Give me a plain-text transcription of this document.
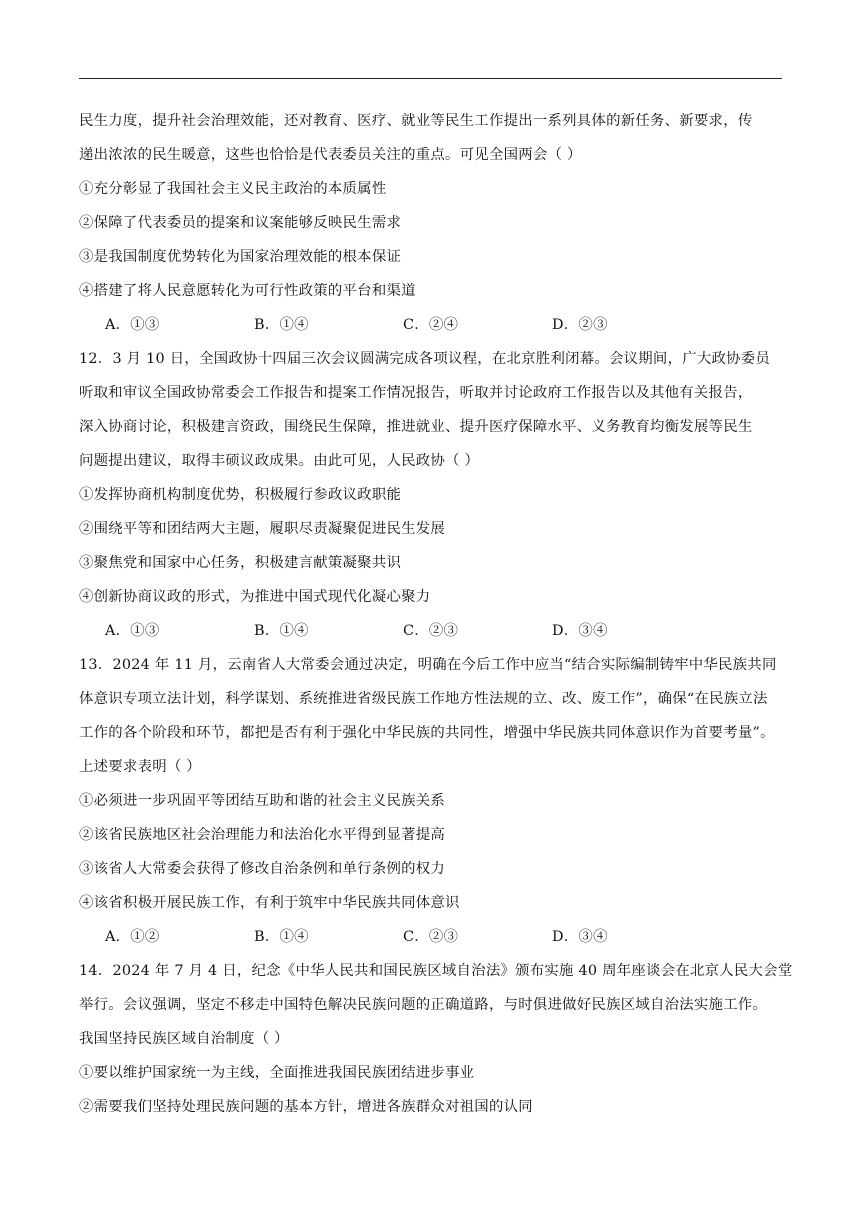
民生力度，提升社会治理效能，还对教育、医疗、就业等民生工作提出一系列具体的新任务、新要求，传
递出浓浓的民生暖意，这些也恰恰是代表委员关注的重点。可见全国两会（ ）
①充分彰显了我国社会主义民主政治的本质属性
②保障了代表委员的提案和议案能够反映民生需求
③是我国制度优势转化为国家治理效能的根本保证
④搭建了将人民意愿转化为可行性政策的平台和渠道
A．①③	B．①④	C．②④	D．②③
12．3 月 10 日，全国政协十四届三次会议圆满完成各项议程，在北京胜利闭幕。会议期间，广大政协委员
听取和审议全国政协常委会工作报告和提案工作情况报告，听取并讨论政府工作报告以及其他有关报告，
深入协商讨论，积极建言资政，围绕民生保障，推进就业、提升医疗保障水平、义务教育均衡发展等民生
问题提出建议，取得丰硕议政成果。由此可见，人民政协（ ）
①发挥协商机构制度优势，积极履行参政议政职能
②围绕平等和团结两大主题，履职尽责凝聚促进民生发展
③聚焦党和国家中心任务，积极建言献策凝聚共识
④创新协商议政的形式，为推进中国式现代化凝心聚力
A．①③	B．①④	C．②③	D．③④
13．2024 年 11 月，云南省人大常委会通过决定，明确在今后工作中应当“结合实际编制铸牢中华民族共同
体意识专项立法计划，科学谋划、系统推进省级民族工作地方性法规的立、改、废工作”，确保“在民族立法
工作的各个阶段和环节，都把是否有利于强化中华民族的共同性，增强中华民族共同体意识作为首要考量”。
上述要求表明（ ）
①必须进一步巩固平等团结互助和谐的社会主义民族关系
②该省民族地区社会治理能力和法治化水平得到显著提高
③该省人大常委会获得了修改自治条例和单行条例的权力
④该省积极开展民族工作，有利于筑牢中华民族共同体意识
A．①②	B．①④	C．②③	D．③④
14．2024 年 7 月 4 日，纪念《中华人民共和国民族区域自治法》颁布实施 40 周年座谈会在北京人民大会堂
举行。会议强调，坚定不移走中国特色解决民族问题的正确道路，与时俱进做好民族区域自治法实施工作。
我国坚持民族区域自治制度（ ）
①要以维护国家统一为主线，全面推进我国民族团结进步事业
②需要我们坚持处理民族问题的基本方针，增进各族群众对祖国的认同
